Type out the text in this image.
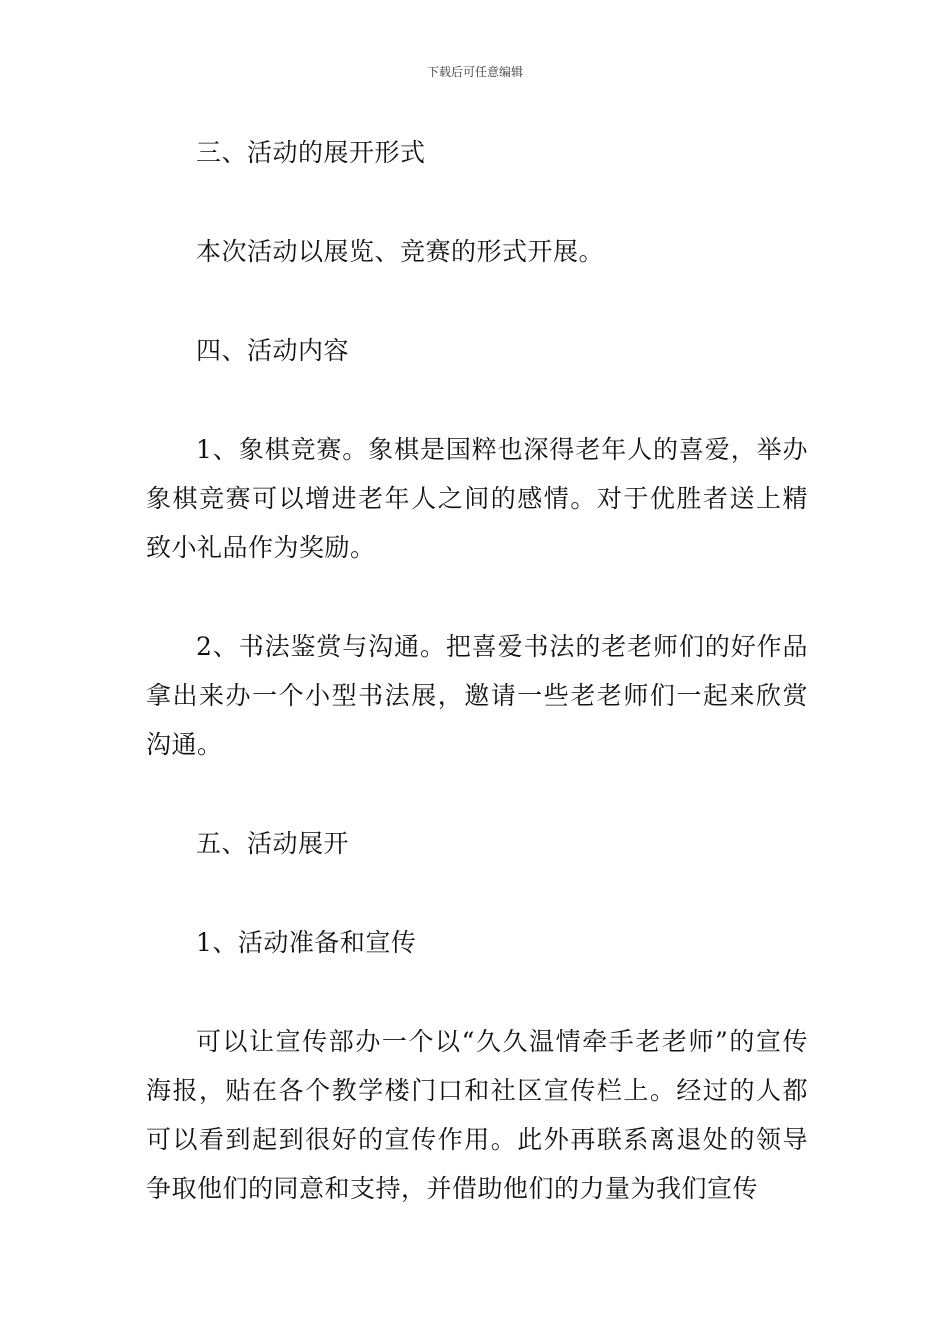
下载后可任意编辑

三、活动的展开形式

本次活动以展览、竞赛的形式开展。

四、活动内容

1、象棋竞赛。象棋是国粹也深得老年人的喜爱，举办象棋竞赛可以增进老年人之间的感情。对于优胜者送上精致小礼品作为奖励。

2、书法鉴赏与沟通。把喜爱书法的老老师们的好作品拿出来办一个小型书法展，邀请一些老老师们一起来欣赏沟通。

五、活动展开

1、活动准备和宣传

可以让宣传部办一个以“久久温情牵手老老师”的宣传海报，贴在各个教学楼门口和社区宣传栏上。经过的人都可以看到起到很好的宣传作用。此外再联系离退处的领导争取他们的同意和支持，并借助他们的力量为我们宣传
